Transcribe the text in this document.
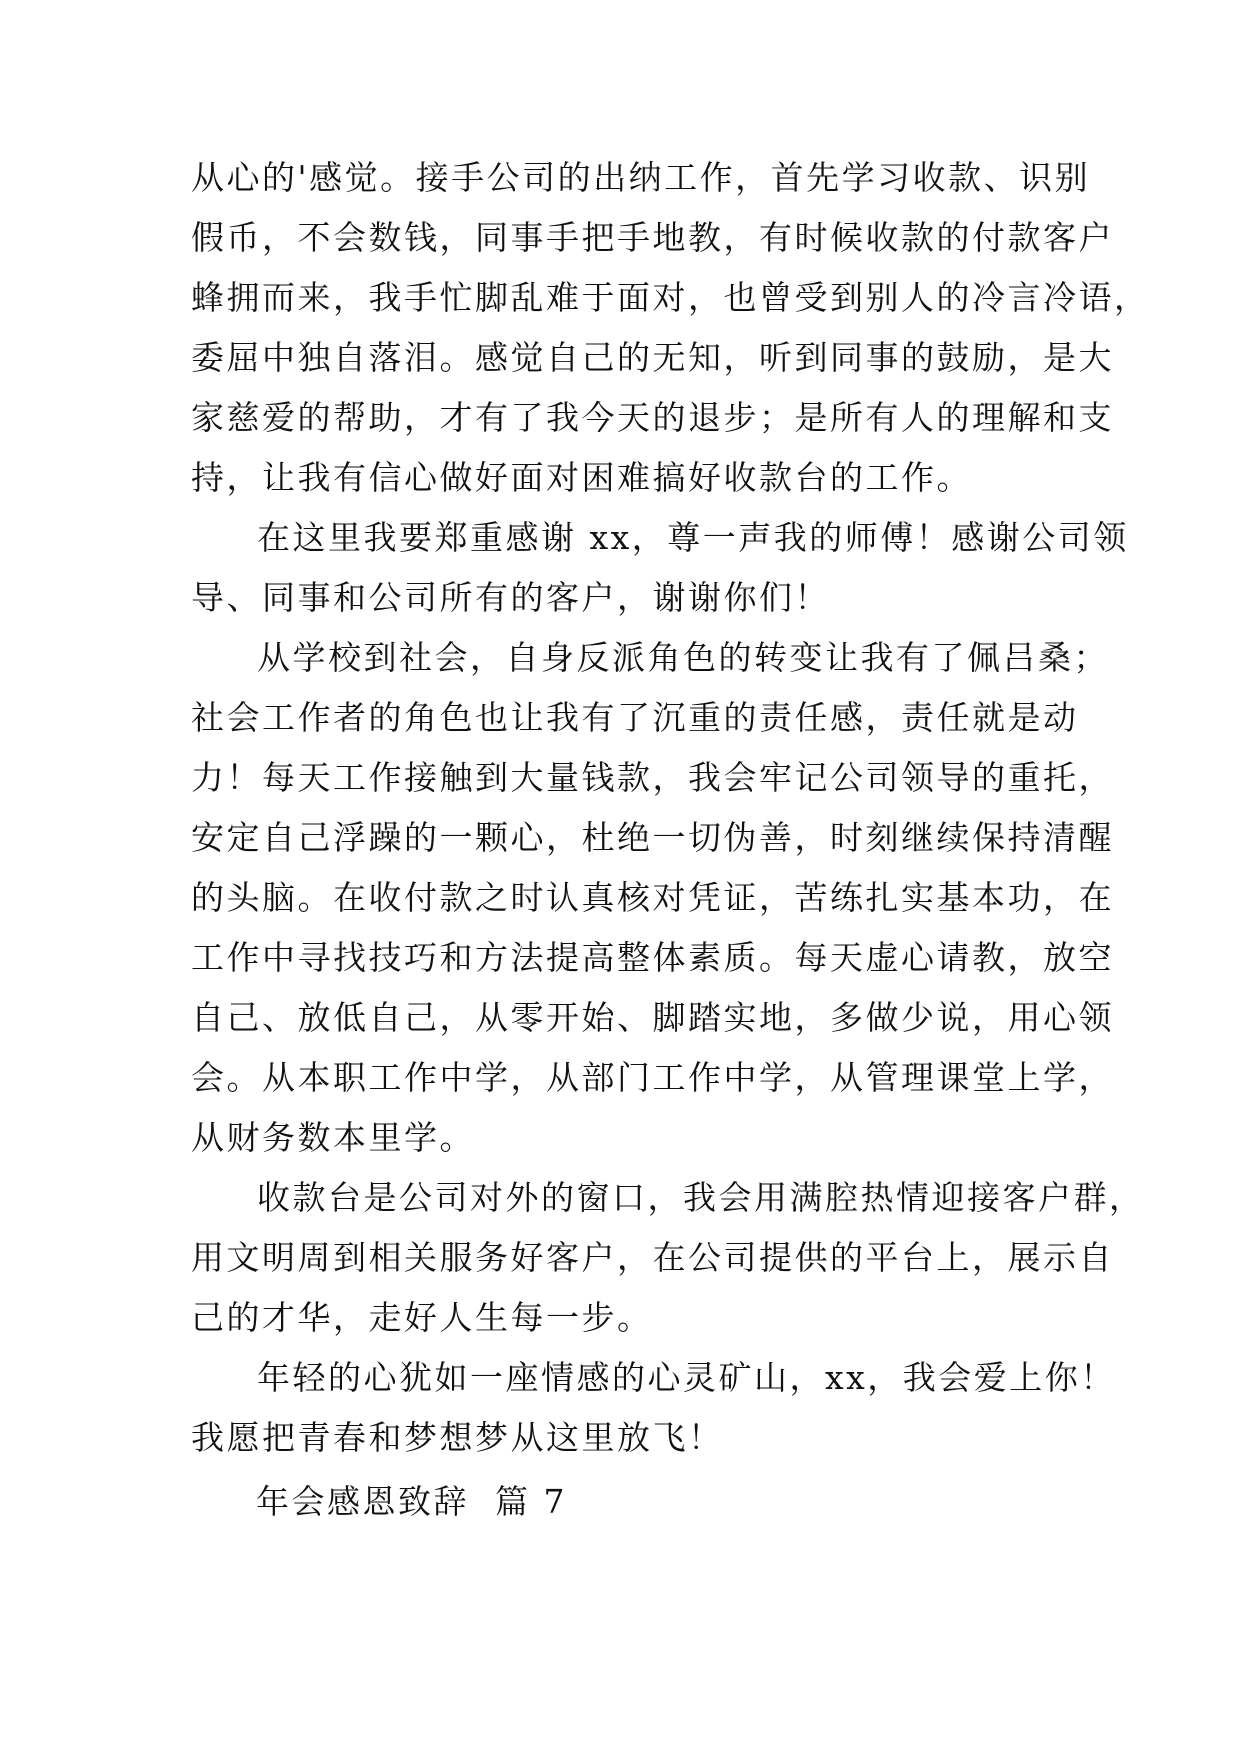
从心的'感觉。接手公司的出纳工作，首先学习收款、识别
假币，不会数钱，同事手把手地教，有时候收款的付款客户
蜂拥而来，我手忙脚乱难于面对，也曾受到别人的冷言冷语，
委屈中独自落泪。感觉自己的无知，听到同事的鼓励，是大
家慈爱的帮助，才有了我今天的退步；是所有人的理解和支
持，让我有信心做好面对困难搞好收款台的工作。
在这里我要郑重感谢 xx，尊一声我的师傅！感谢公司领
导、同事和公司所有的客户，谢谢你们！
从学校到社会，自身反派角色的转变让我有了佩吕桑；
社会工作者的角色也让我有了沉重的责任感，责任就是动
力！每天工作接触到大量钱款，我会牢记公司领导的重托，
安定自己浮躁的一颗心，杜绝一切伪善，时刻继续保持清醒
的头脑。在收付款之时认真核对凭证，苦练扎实基本功，在
工作中寻找技巧和方法提高整体素质。每天虚心请教，放空
自己、放低自己，从零开始、脚踏实地，多做少说，用心领
会。从本职工作中学，从部门工作中学，从管理课堂上学，
从财务数本里学。
收款台是公司对外的窗口，我会用满腔热情迎接客户群，
用文明周到相关服务好客户，在公司提供的平台上，展示自
己的才华，走好人生每一步。
年轻的心犹如一座情感的心灵矿山，xx，我会爱上你！
我愿把青春和梦想梦从这里放飞！
年会感恩致辞  篇 7
